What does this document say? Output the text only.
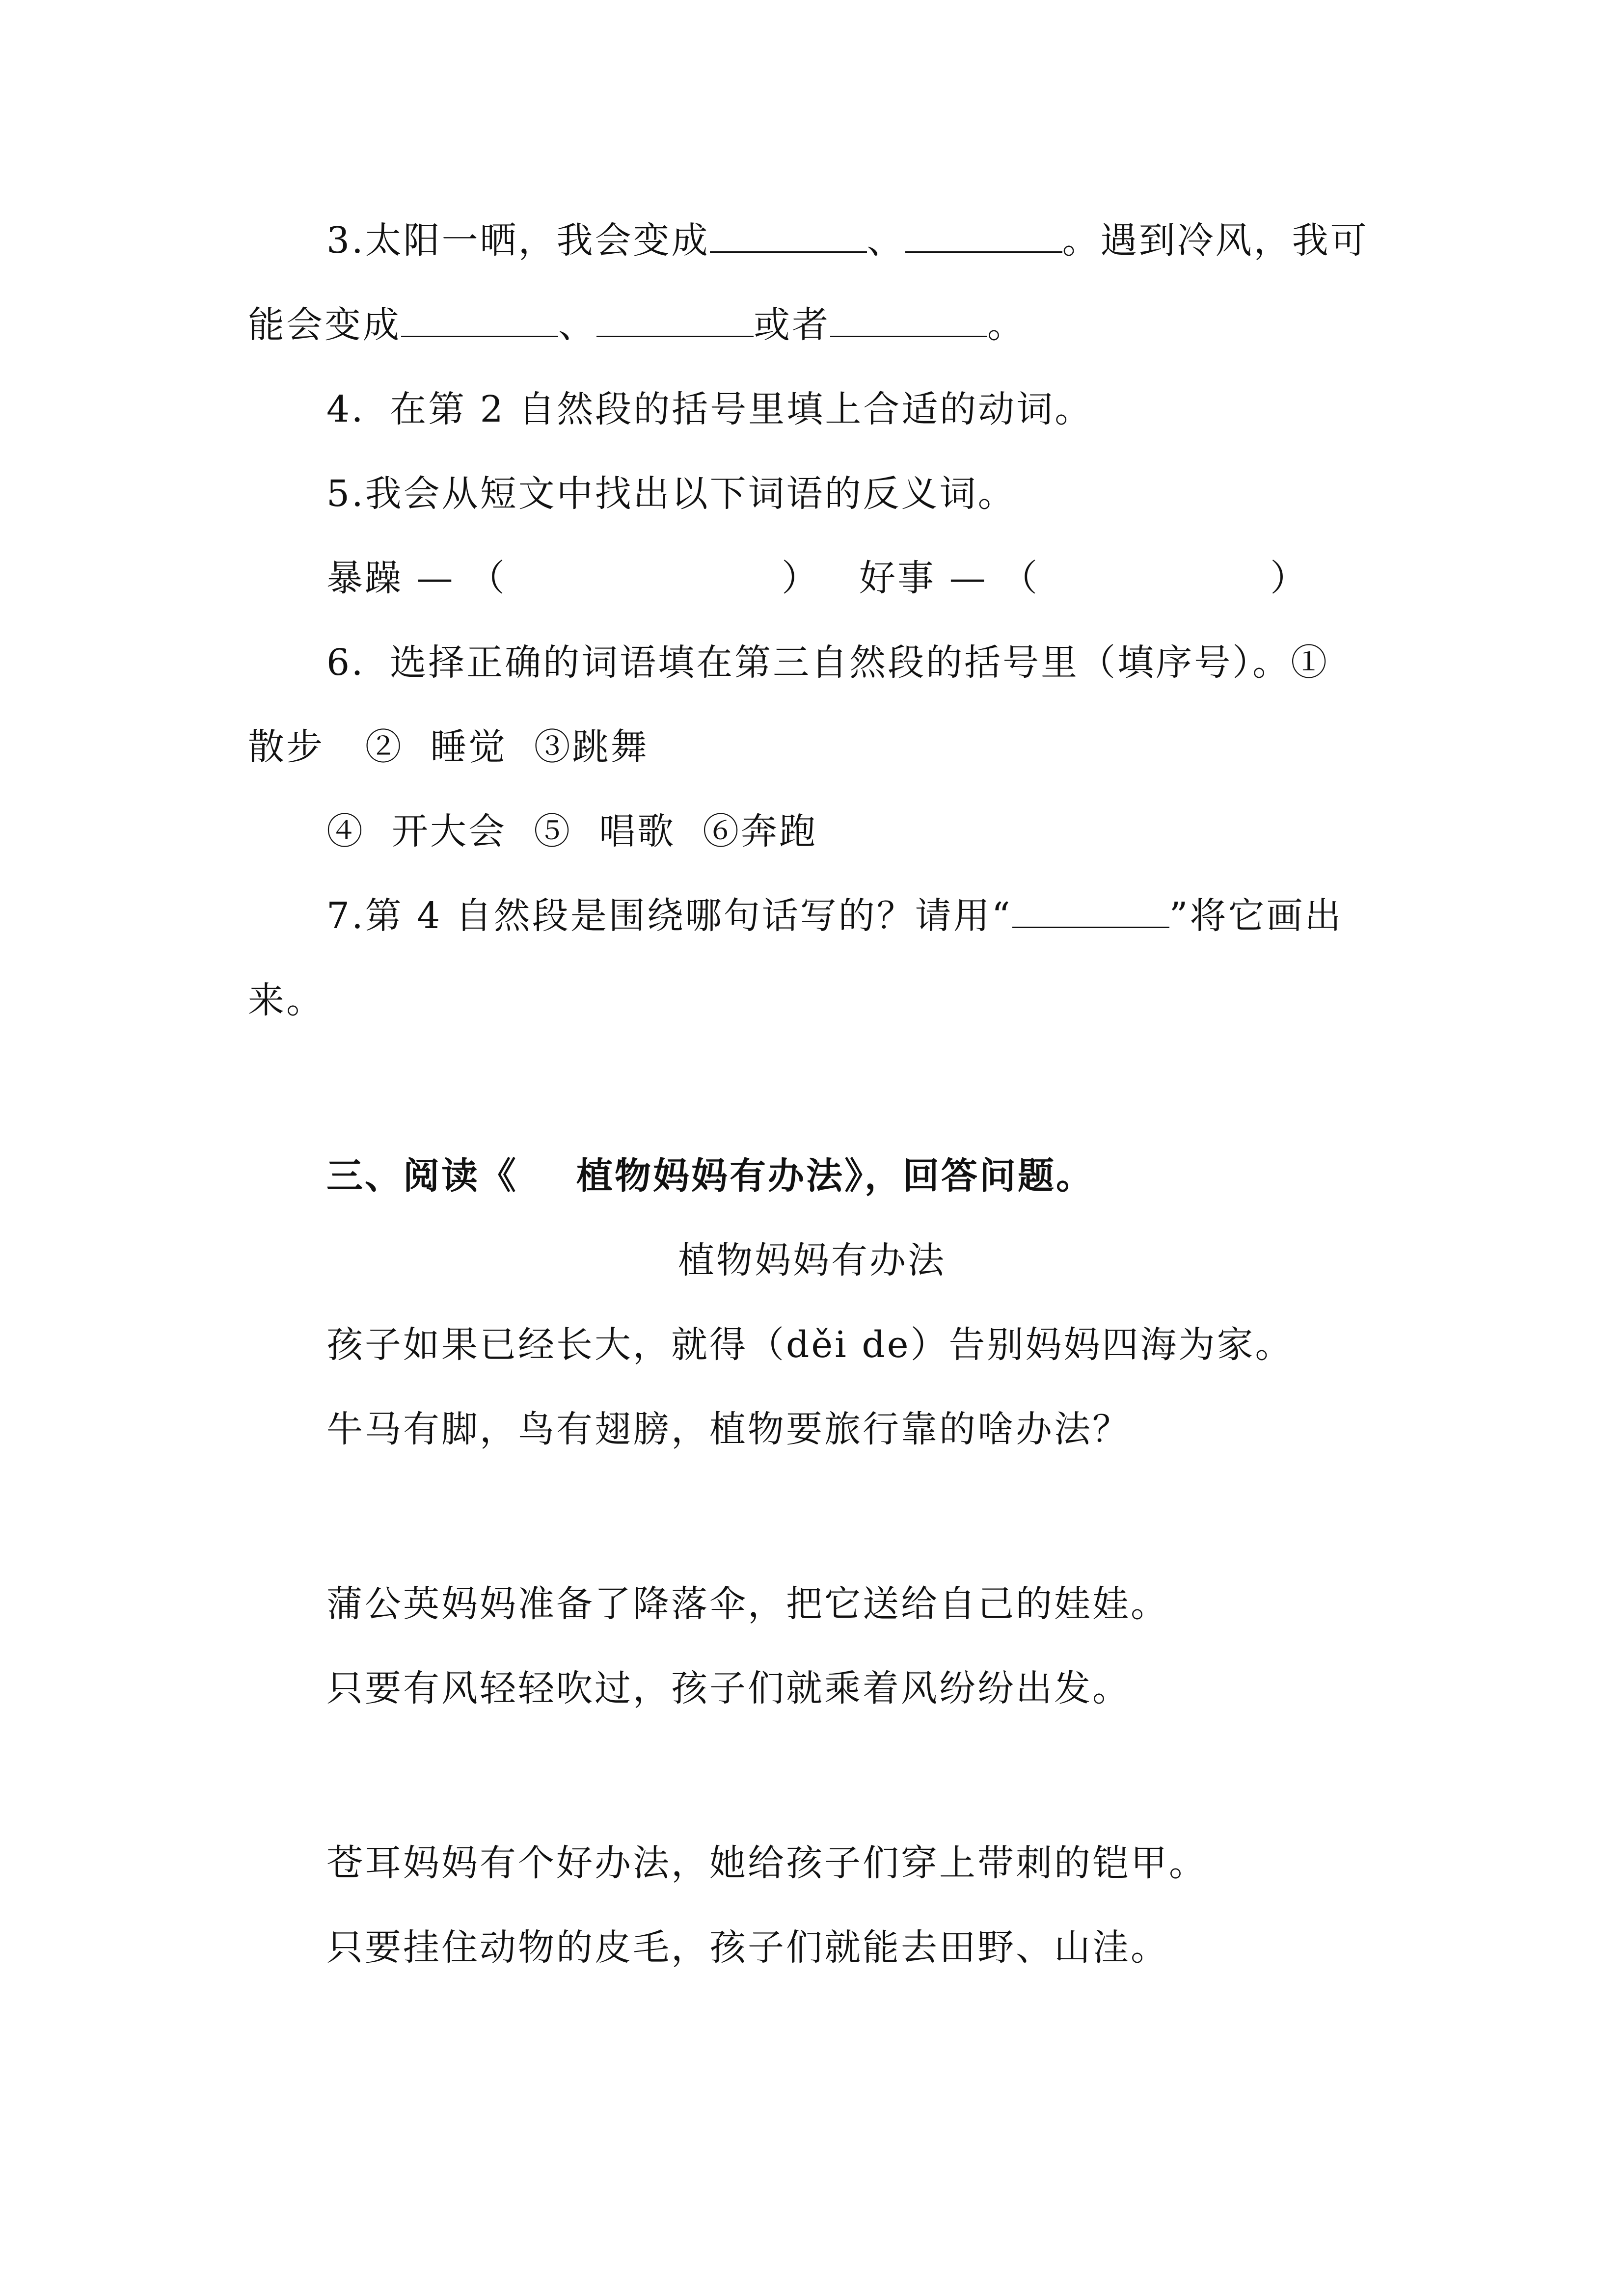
3.太阳一晒，我会变成	、	。遇到冷风，我可
能会变成	、	或者	。
4．在第 2 自然段的括号里填上合适的动词。
5.我会从短文中找出以下词语的反义词。
暴躁 — （	） 好事 — （	）
6．选择正确的词语填在第三自然段的括号里（填序号）。①
散步   ②  睡觉  ③跳舞
④  开大会  ⑤  唱歌  ⑥奔跑
7.第 4 自然段是围绕哪句话写的？请用“	”将它画出
来。
三、阅读《    植物妈妈有办法》，回答问题。
植物妈妈有办法
孩子如果已经长大，就得（děi de）告别妈妈四海为家。
牛马有脚，鸟有翅膀，植物要旅行靠的啥办法？
蒲公英妈妈准备了降落伞，把它送给自己的娃娃。
只要有风轻轻吹过，孩子们就乘着风纷纷出发。
苍耳妈妈有个好办法，她给孩子们穿上带刺的铠甲。
只要挂住动物的皮毛，孩子们就能去田野、山洼。
